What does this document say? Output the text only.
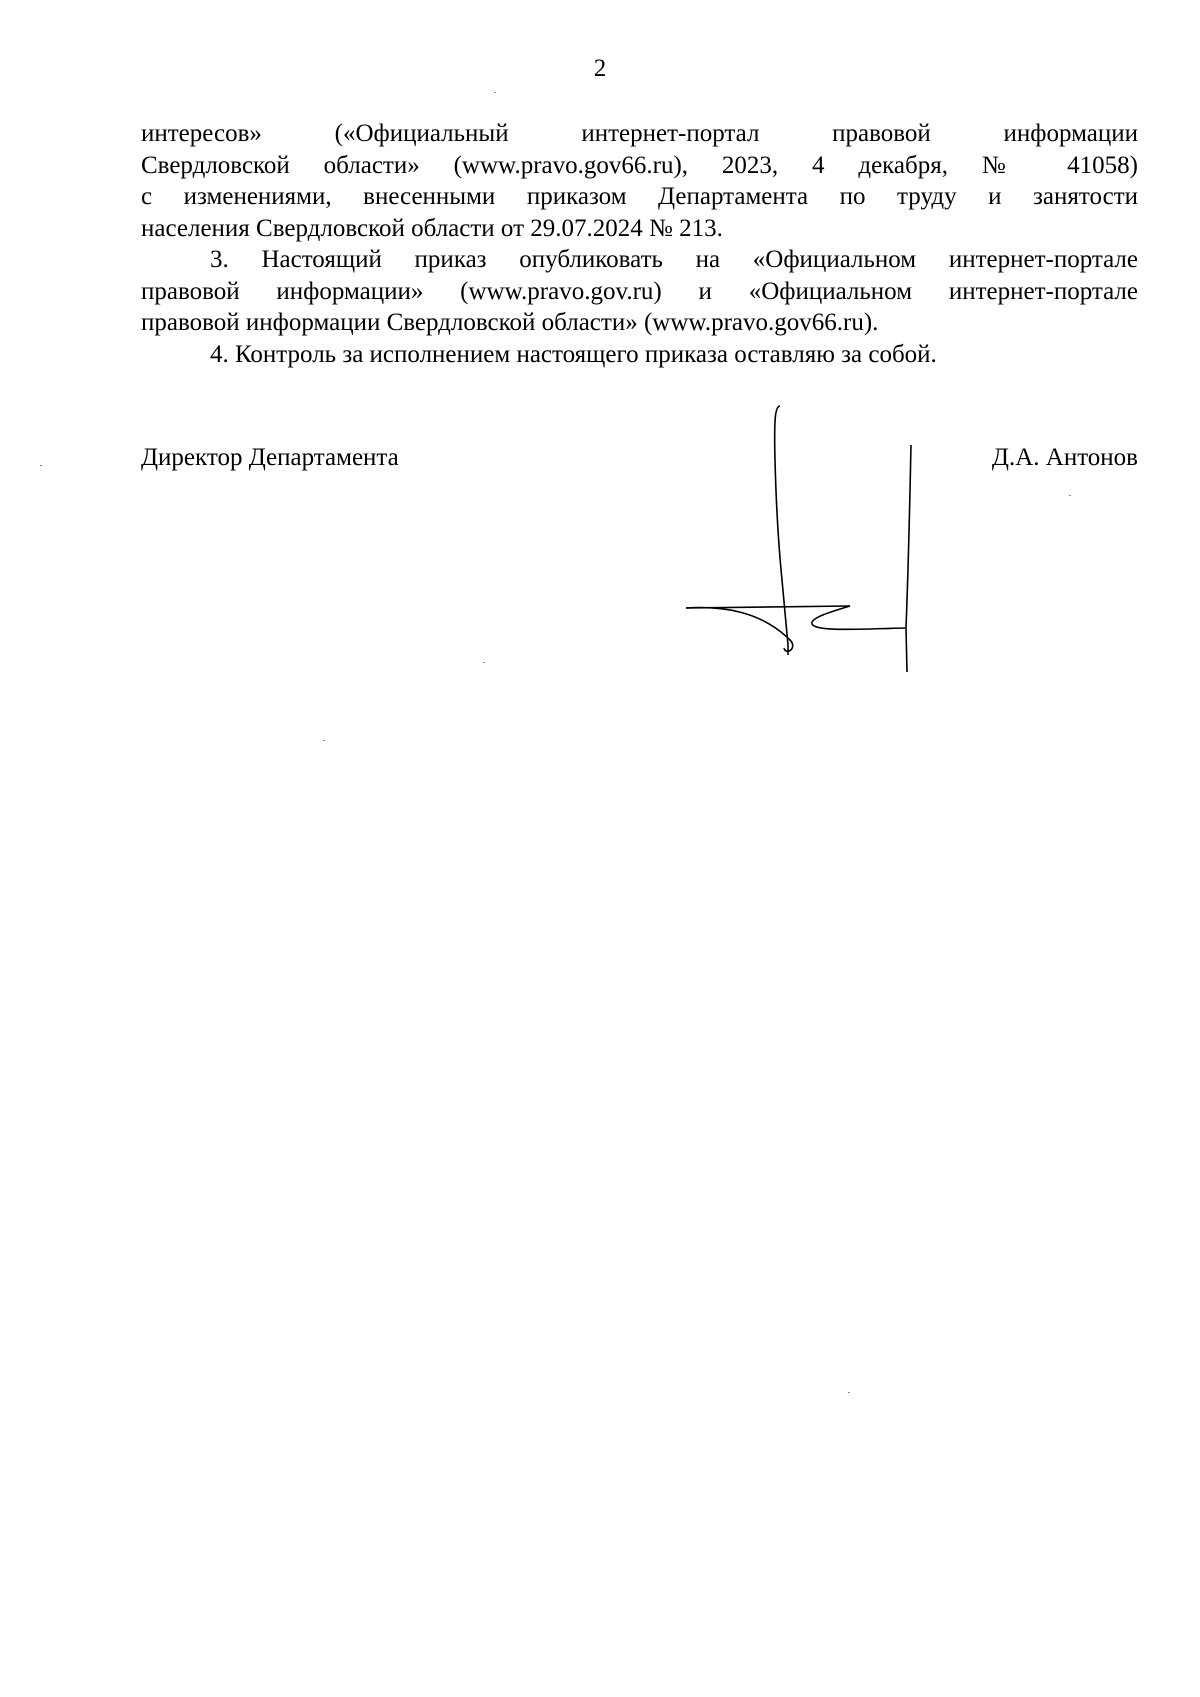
2
интересов» («Официальный интернет-портал правовой информации
Свердловской области» (www.pravo.gov66.ru), 2023, 4 декабря, № 41058)
с изменениями, внесенными приказом Департамента по труду и занятости
населения Свердловской области от 29.07.2024 № 213.
3. Настоящий приказ опубликовать на «Официальном интернет-портале
правовой информации» (www.pravo.gov.ru) и «Официальном интернет-портале
правовой информации Свердловской области» (www.pravo.gov66.ru).
4. Контроль за исполнением настоящего приказа оставляю за собой.
Директор Департамента	Д.А. Антонов
